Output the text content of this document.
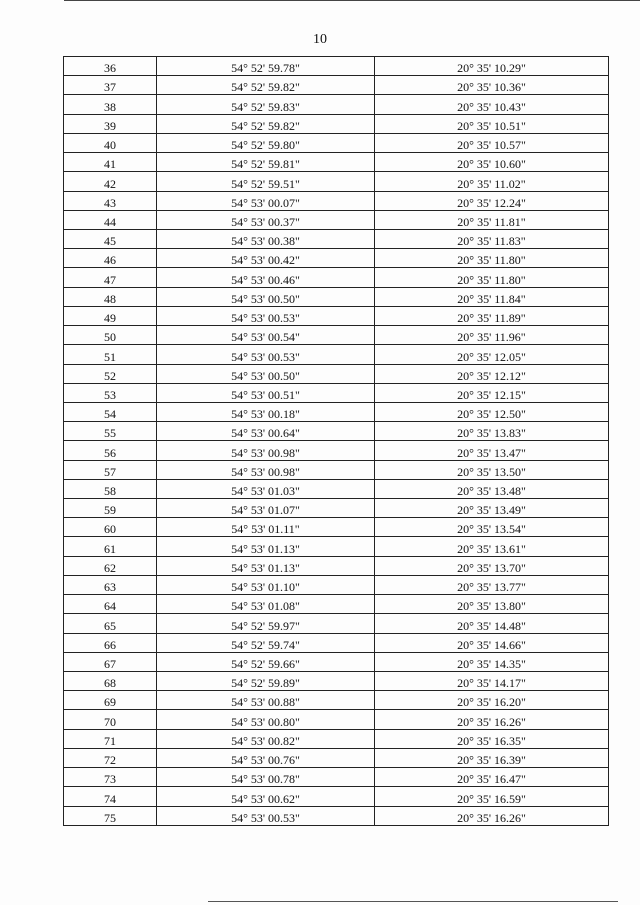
10
36	54° 52' 59.78"	20° 35' 10.29"
37	54° 52' 59.82"	20° 35' 10.36"
38	54° 52' 59.83"	20° 35' 10.43"
39	54° 52' 59.82"	20° 35' 10.51"
40	54° 52' 59.80"	20° 35' 10.57"
41	54° 52' 59.81"	20° 35' 10.60"
42	54° 52' 59.51"	20° 35' 11.02"
43	54° 53' 00.07"	20° 35' 12.24"
44	54° 53' 00.37"	20° 35' 11.81"
45	54° 53' 00.38"	20° 35' 11.83"
46	54° 53' 00.42"	20° 35' 11.80"
47	54° 53' 00.46"	20° 35' 11.80"
48	54° 53' 00.50"	20° 35' 11.84"
49	54° 53' 00.53"	20° 35' 11.89"
50	54° 53' 00.54"	20° 35' 11.96"
51	54° 53' 00.53"	20° 35' 12.05"
52	54° 53' 00.50"	20° 35' 12.12"
53	54° 53' 00.51"	20° 35' 12.15"
54	54° 53' 00.18"	20° 35' 12.50"
55	54° 53' 00.64"	20° 35' 13.83"
56	54° 53' 00.98"	20° 35' 13.47"
57	54° 53' 00.98"	20° 35' 13.50"
58	54° 53' 01.03"	20° 35' 13.48"
59	54° 53' 01.07"	20° 35' 13.49"
60	54° 53' 01.11"	20° 35' 13.54"
61	54° 53' 01.13"	20° 35' 13.61"
62	54° 53' 01.13"	20° 35' 13.70"
63	54° 53' 01.10"	20° 35' 13.77"
64	54° 53' 01.08"	20° 35' 13.80"
65	54° 52' 59.97"	20° 35' 14.48"
66	54° 52' 59.74"	20° 35' 14.66"
67	54° 52' 59.66"	20° 35' 14.35"
68	54° 52' 59.89"	20° 35' 14.17"
69	54° 53' 00.88"	20° 35' 16.20"
70	54° 53' 00.80"	20° 35' 16.26"
71	54° 53' 00.82"	20° 35' 16.35"
72	54° 53' 00.76"	20° 35' 16.39"
73	54° 53' 00.78"	20° 35' 16.47"
74	54° 53' 00.62"	20° 35' 16.59"
75	54° 53' 00.53"	20° 35' 16.26"
